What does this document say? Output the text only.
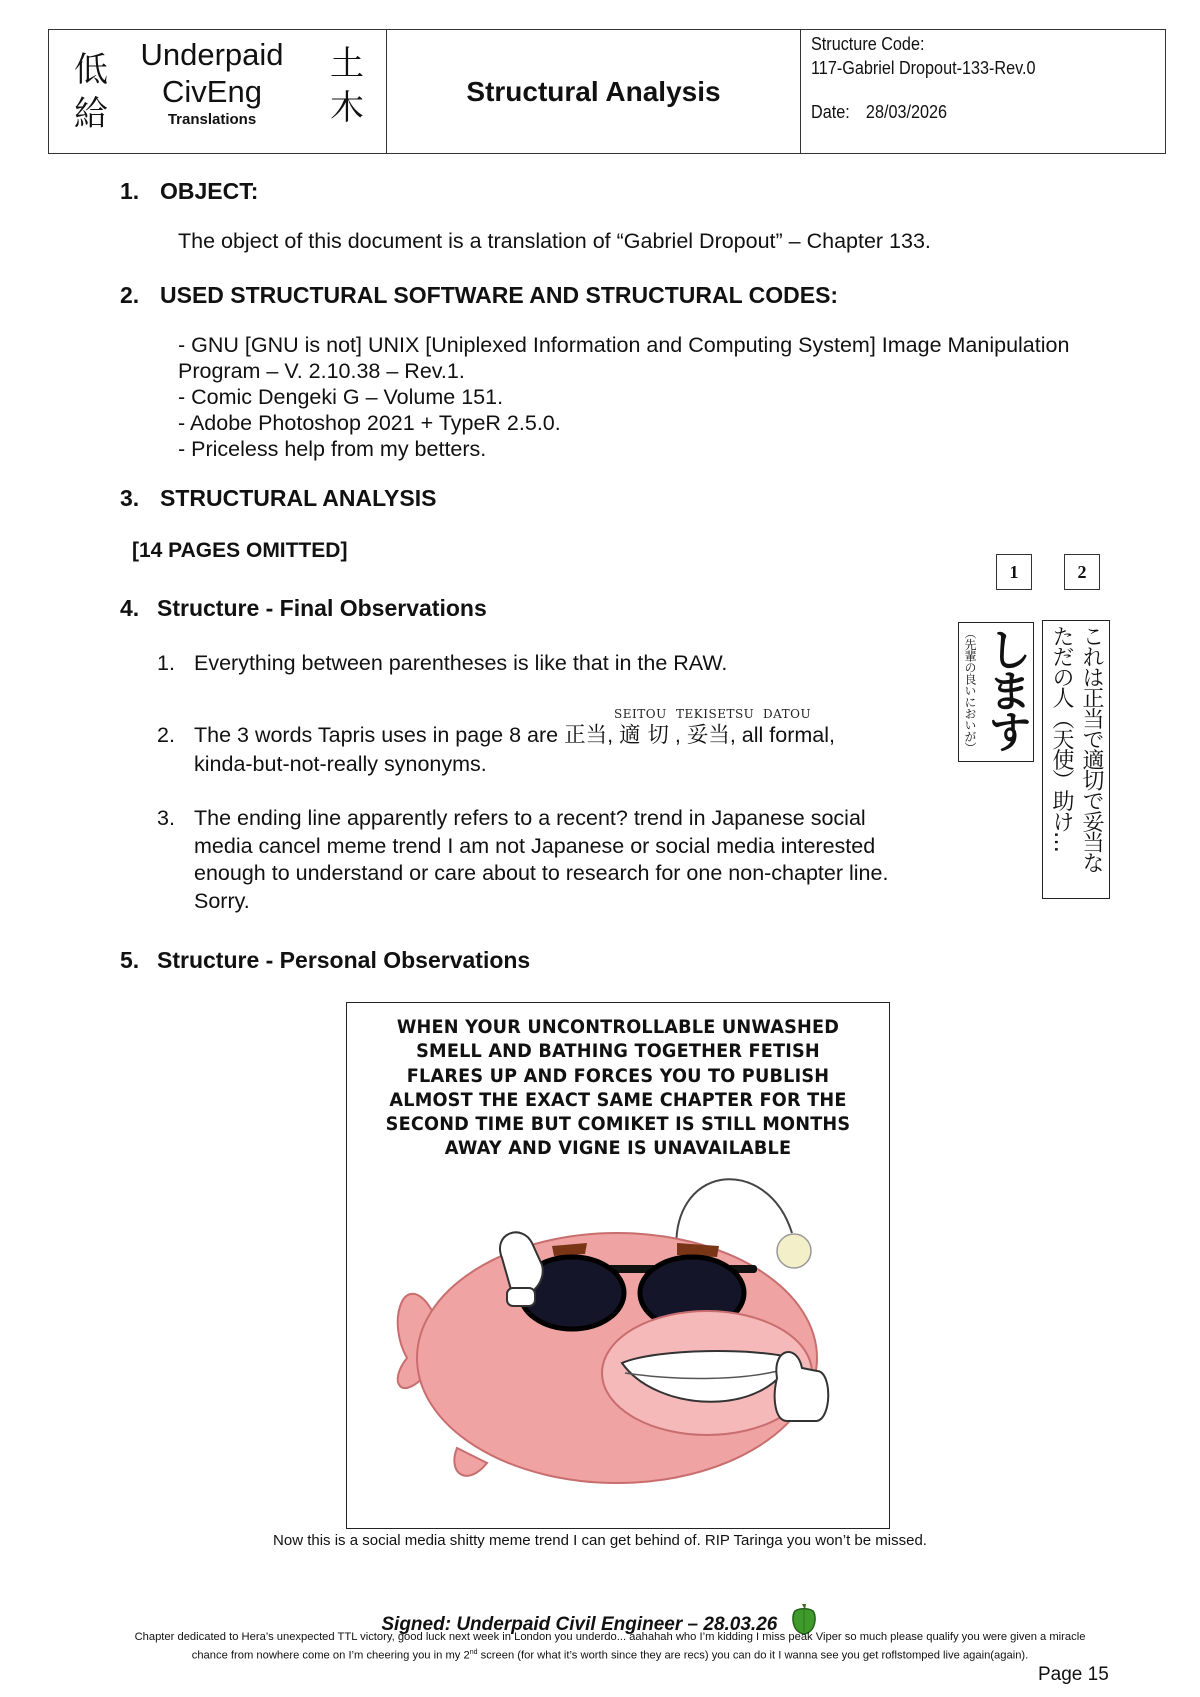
低
給
Underpaid
CivEng
Translations
土
木	Structural Analysis
Structure Code:
117-Gabriel Dropout-133-Rev.0
Date: 28/03/2026
1. OBJECT:
The object of this document is a translation of “Gabriel Dropout” – Chapter 133.
2. USED STRUCTURAL SOFTWARE AND STRUCTURAL CODES:
- GNU [GNU is not] UNIX [Uniplexed Information and Computing System] Image Manipulation
Program – V. 2.10.38 – Rev.1.
- Comic Dengeki G – Volume 151.
- Adobe Photoshop 2021 + TypeR 2.5.0.
- Priceless help from my betters.
3. STRUCTURAL ANALYSIS
[14 PAGES OMITTED]
4. Structure - Final Observations
1. Everything between parentheses is like that in the RAW.
SEITOU TEKISETSU DATOU
2. The 3 words Tapris uses in page 8 are 正当, 適 切 , 妥当, all formal,
kinda-but-not-really synonyms.
3. The ending line apparently refers to a recent? trend in Japanese social
media cancel meme trend I am not Japanese or social media interested
enough to understand or care about to research for one non-chapter line.
Sorry.
1	2
します
（先輩の良いにおいが）	これは正当で適切で妥当な
ただの人（天使）助け…
5. Structure - Personal Observations
WHEN YOUR UNCONTROLLABLE UNWASHED
SMELL AND BATHING TOGETHER FETISH
FLARES UP AND FORCES YOU TO PUBLISH
ALMOST THE EXACT SAME CHAPTER FOR THE
SECOND TIME BUT COMIKET IS STILL MONTHS
AWAY AND VIGNE IS UNAVAILABLE
Now this is a social media shitty meme trend I can get behind of. RIP Taringa you won’t be missed.
Signed: Underpaid Civil Engineer – 28.03.26
Chapter dedicated to Hera’s unexpected TTL victory, good luck next week in London you underdo... aahahah who I’m kidding I miss peak Viper so much please qualify you were given a miracle
chance from nowhere come on I’m cheering you in my 2nd screen (for what it’s worth since they are recs) you can do it I wanna see you get roflstomped live again(again).
Page 15
